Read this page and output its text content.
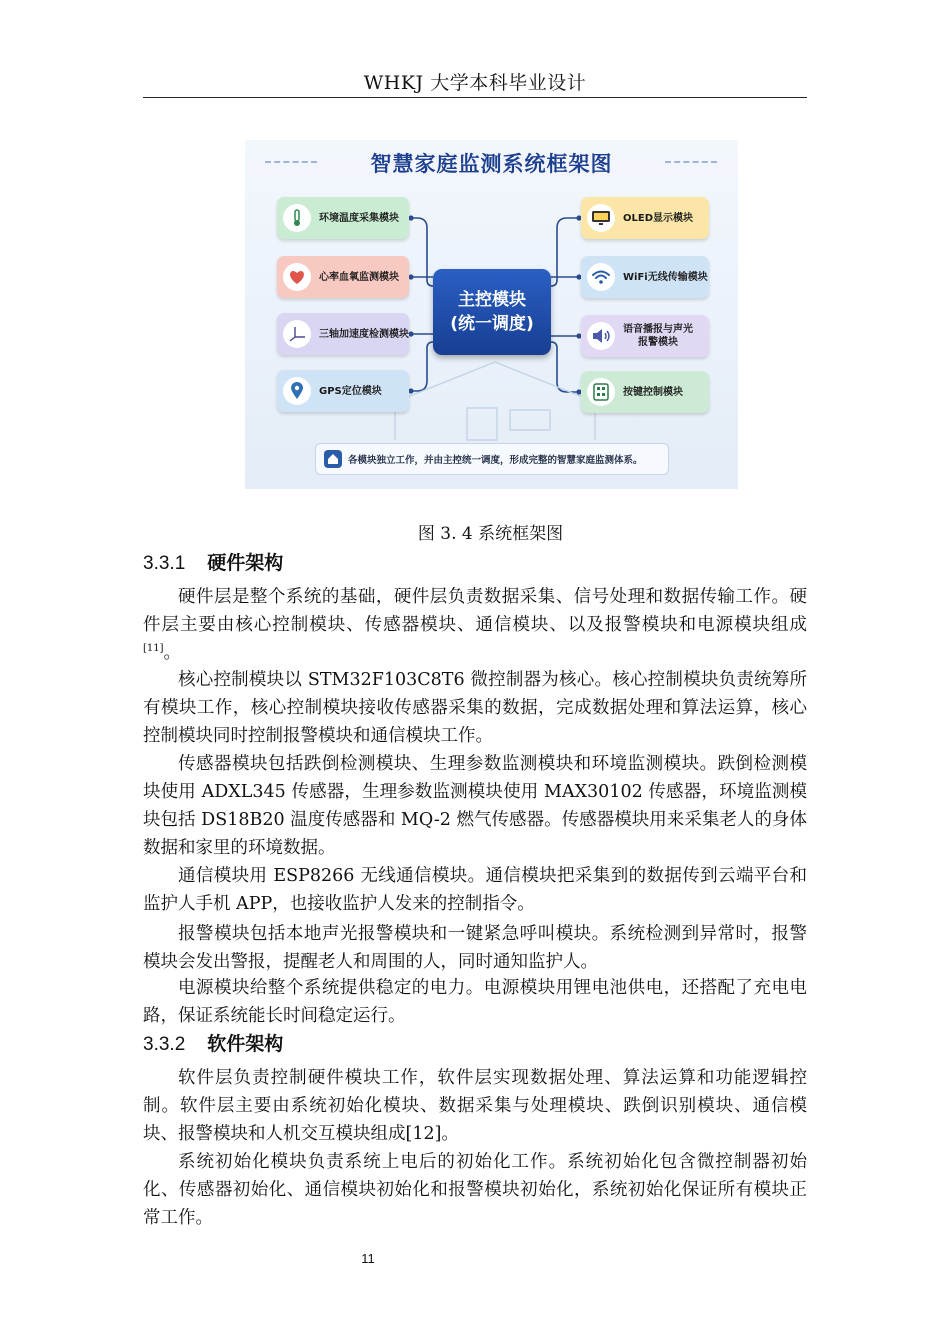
WHKJ 大学本科毕业设计
智慧家庭监测系统框架图
环境温度采集模块
心率血氧监测模块
三轴加速度检测模块
GPS定位模块
主控模块
(统一调度)
OLED显示模块
WiFi无线传输模块
语音播报与声光
报警模块
按键控制模块
各模块独立工作，并由主控统一调度，形成完整的智慧家庭监测体系。
图 3. 4 系统框架图
3.3.1 硬件架构
硬件层是整个系统的基础，硬件层负责数据采集、信号处理和数据传输工作。硬件层主要由核心控制模块、传感器模块、通信模块、以及报警模块和电源模块组成[11]。
核心控制模块以 STM32F103C8T6 微控制器为核心。核心控制模块负责统筹所有模块工作，核心控制模块接收传感器采集的数据，完成数据处理和算法运算，核心控制模块同时控制报警模块和通信模块工作。
传感器模块包括跌倒检测模块、生理参数监测模块和环境监测模块。跌倒检测模块使用 ADXL345 传感器，生理参数监测模块使用 MAX30102 传感器，环境监测模块包括 DS18B20 温度传感器和 MQ-2 燃气传感器。传感器模块用来采集老人的身体数据和家里的环境数据。
通信模块用 ESP8266 无线通信模块。通信模块把采集到的数据传到云端平台和监护人手机 APP，也接收监护人发来的控制指令。
报警模块包括本地声光报警模块和一键紧急呼叫模块。系统检测到异常时，报警模块会发出警报，提醒老人和周围的人，同时通知监护人。
电源模块给整个系统提供稳定的电力。电源模块用锂电池供电，还搭配了充电电路，保证系统能长时间稳定运行。
3.3.2 软件架构
软件层负责控制硬件模块工作，软件层实现数据处理、算法运算和功能逻辑控制。软件层主要由系统初始化模块、数据采集与处理模块、跌倒识别模块、通信模块、报警模块和人机交互模块组成[12]。
系统初始化模块负责系统上电后的初始化工作。系统初始化包含微控制器初始化、传感器初始化、通信模块初始化和报警模块初始化，系统初始化保证所有模块正常工作。
11
